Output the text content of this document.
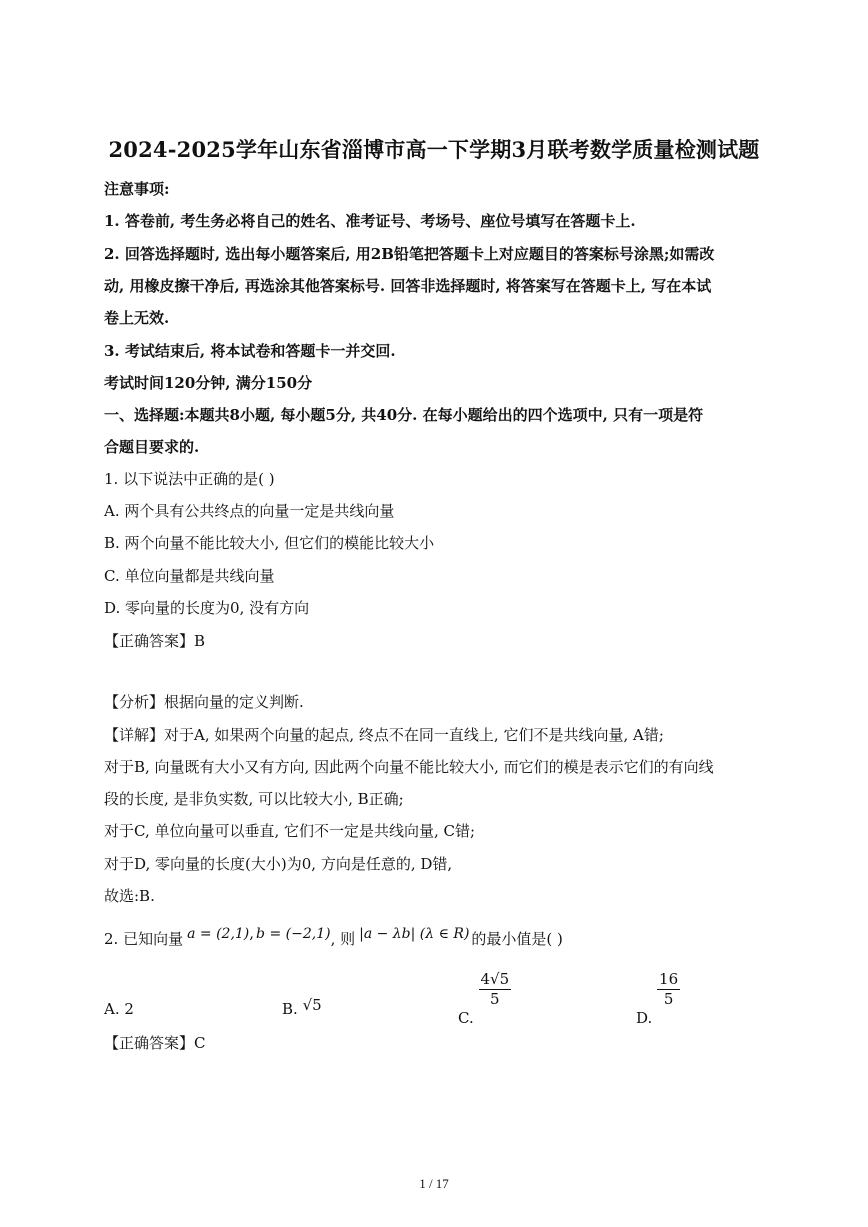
2024-2025学年山东省淄博市高一下学期3月联考数学质量检测试题
注意事项:
1. 答卷前, 考生务必将自己的姓名、准考证号、考场号、座位号填写在答题卡上.
2. 回答选择题时, 选出每小题答案后, 用2B铅笔把答题卡上对应题目的答案标号涂黑;如需改
动, 用橡皮擦干净后, 再选涂其他答案标号. 回答非选择题时, 将答案写在答题卡上, 写在本试
卷上无效.
3. 考试结束后, 将本试卷和答题卡一并交回.
考试时间120分钟, 满分150分
一、选择题:本题共8小题, 每小题5分, 共40分. 在每小题给出的四个选项中, 只有一项是符
合题目要求的.
1. 以下说法中正确的是( )
A. 两个具有公共终点的向量一定是共线向量
B. 两个向量不能比较大小, 但它们的模能比较大小
C. 单位向量都是共线向量
D. 零向量的长度为0, 没有方向
【正确答案】B
【分析】根据向量的定义判断.
【详解】对于A, 如果两个向量的起点, 终点不在同一直线上, 它们不是共线向量, A错;
对于B, 向量既有大小又有方向, 因此两个向量不能比较大小, 而它们的模是表示它们的有向线
段的长度, 是非负实数, 可以比较大小, B正确;
对于C, 单位向量可以垂直, 它们不一定是共线向量, C错;
对于D, 零向量的长度(大小)为0, 方向是任意的, D错,
故选:B.
2. 已知向量 a = (2,1), b = (−2,1), 则 |a − λb| (λ ∈ R) 的最小值是( )
A. 2	B. √5
C.
$\frac{4√5}{5}$
D.
$\frac{16}{5}$
【正确答案】C
1 / 17
